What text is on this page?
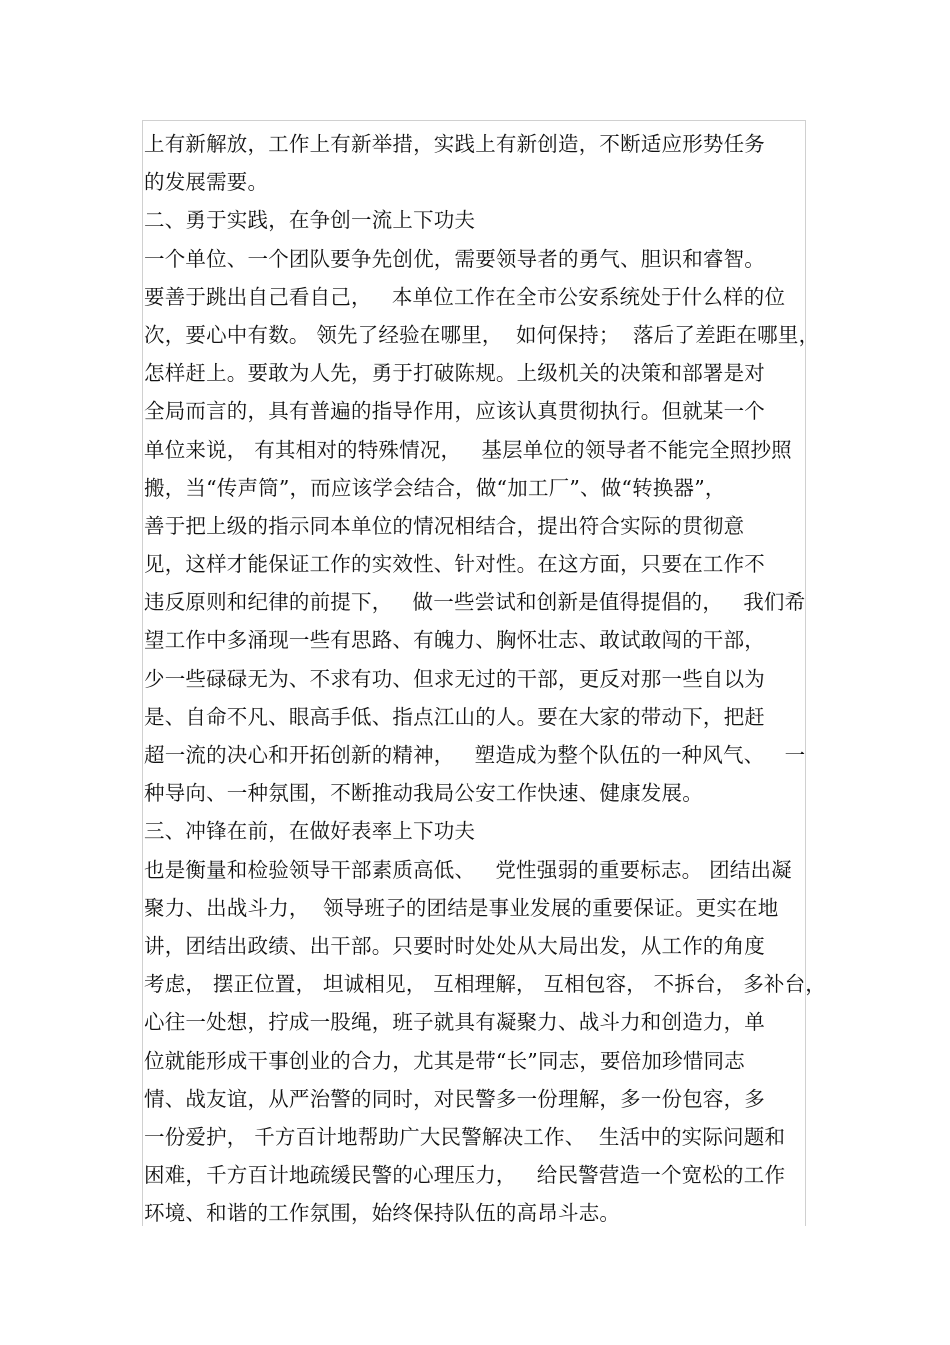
上有新解放，工作上有新举措，实践上有新创造，不断适应形势任务
的发展需要。
二、勇于实践，在争创一流上下功夫
一个单位、一个团队要争先创优，需要领导者的勇气、胆识和睿智。
要善于跳出自己看自己，   本单位工作在全市公安系统处于什么样的位
次，要心中有数。 领先了经验在哪里，  如何保持；  落后了差距在哪里，
怎样赶上。要敢为人先，勇于打破陈规。上级机关的决策和部署是对
全局而言的，具有普遍的指导作用，应该认真贯彻执行。但就某一个
单位来说， 有其相对的特殊情况，   基层单位的领导者不能完全照抄照
搬，当“传声筒”，而应该学会结合，做“加工厂”、做“转换器”，
善于把上级的指示同本单位的情况相结合，提出符合实际的贯彻意
见，这样才能保证工作的实效性、针对性。在这方面，只要在工作不
违反原则和纪律的前提下，   做一些尝试和创新是值得提倡的，   我们希
望工作中多涌现一些有思路、有魄力、胸怀壮志、敢试敢闯的干部，
少一些碌碌无为、不求有功、但求无过的干部，更反对那一些自以为
是、自命不凡、眼高手低、指点江山的人。要在大家的带动下，把赶
超一流的决心和开拓创新的精神，   塑造成为整个队伍的一种风气、   一
种导向、一种氛围，不断推动我局公安工作快速、健康发展。
三、冲锋在前，在做好表率上下功夫
也是衡量和检验领导干部素质高低、   党性强弱的重要标志。 团结出凝
聚力、出战斗力，  领导班子的团结是事业发展的重要保证。更实在地
讲，团结出政绩、出干部。只要时时处处从大局出发，从工作的角度
考虑， 摆正位置， 坦诚相见， 互相理解， 互相包容， 不拆台， 多补台，
心往一处想，拧成一股绳，班子就具有凝聚力、战斗力和创造力，单
位就能形成干事创业的合力，尤其是带“长”同志，要倍加珍惜同志
情、战友谊，从严治警的同时，对民警多一份理解，多一份包容，多
一份爱护， 千方百计地帮助广大民警解决工作、  生活中的实际问题和
困难，千方百计地疏缓民警的心理压力，   给民警营造一个宽松的工作
环境、和谐的工作氛围，始终保持队伍的高昂斗志。
